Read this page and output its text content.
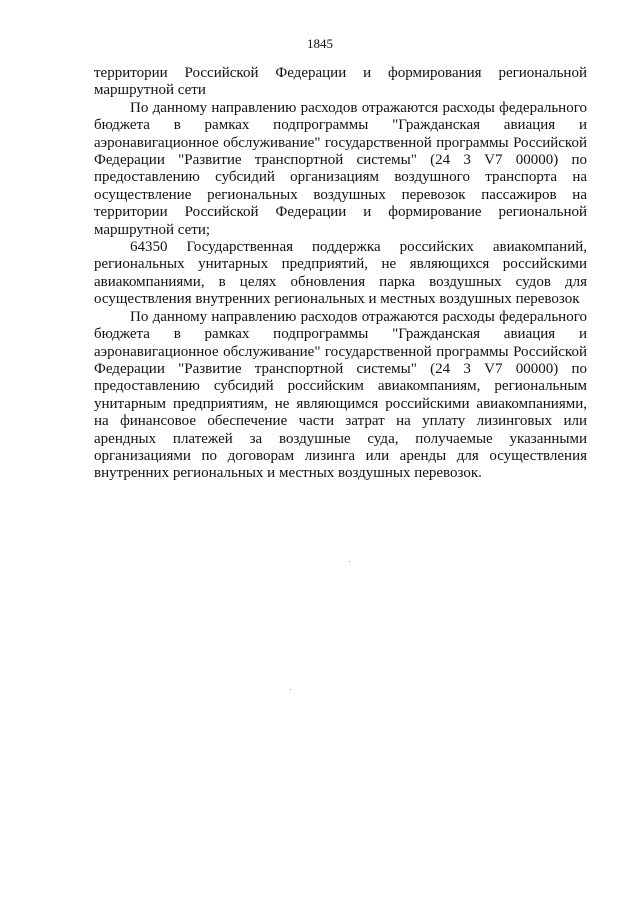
1845

территории Российской Федерации и формирования региональной маршрутной сети

По данному направлению расходов отражаются расходы федерального бюджета в рамках подпрограммы "Гражданская авиация и аэронавигационное обслуживание" государственной программы Российской Федерации "Развитие транспортной системы" (24 3 V7 00000) по предоставлению субсидий организациям воздушного транспорта на осуществление региональных воздушных перевозок пассажиров на территории Российской Федерации и формирование региональной маршрутной сети;

64350 Государственная поддержка российских авиакомпаний, региональных унитарных предприятий, не являющихся российскими авиакомпаниями, в целях обновления парка воздушных судов для осуществления внутренних региональных и местных воздушных перевозок

По данному направлению расходов отражаются расходы федерального бюджета в рамках подпрограммы "Гражданская авиация и аэронавигационное обслуживание" государственной программы Российской Федерации "Развитие транспортной системы" (24 3 V7 00000) по предоставлению субсидий российским авиакомпаниям, региональным унитарным предприятиям, не являющимся российскими авиакомпаниями, на финансовое обеспечение части затрат на уплату лизинговых или арендных платежей за воздушные суда, получаемые указанными организациями по договорам лизинга или аренды для осуществления внутренних региональных и местных воздушных перевозок.
